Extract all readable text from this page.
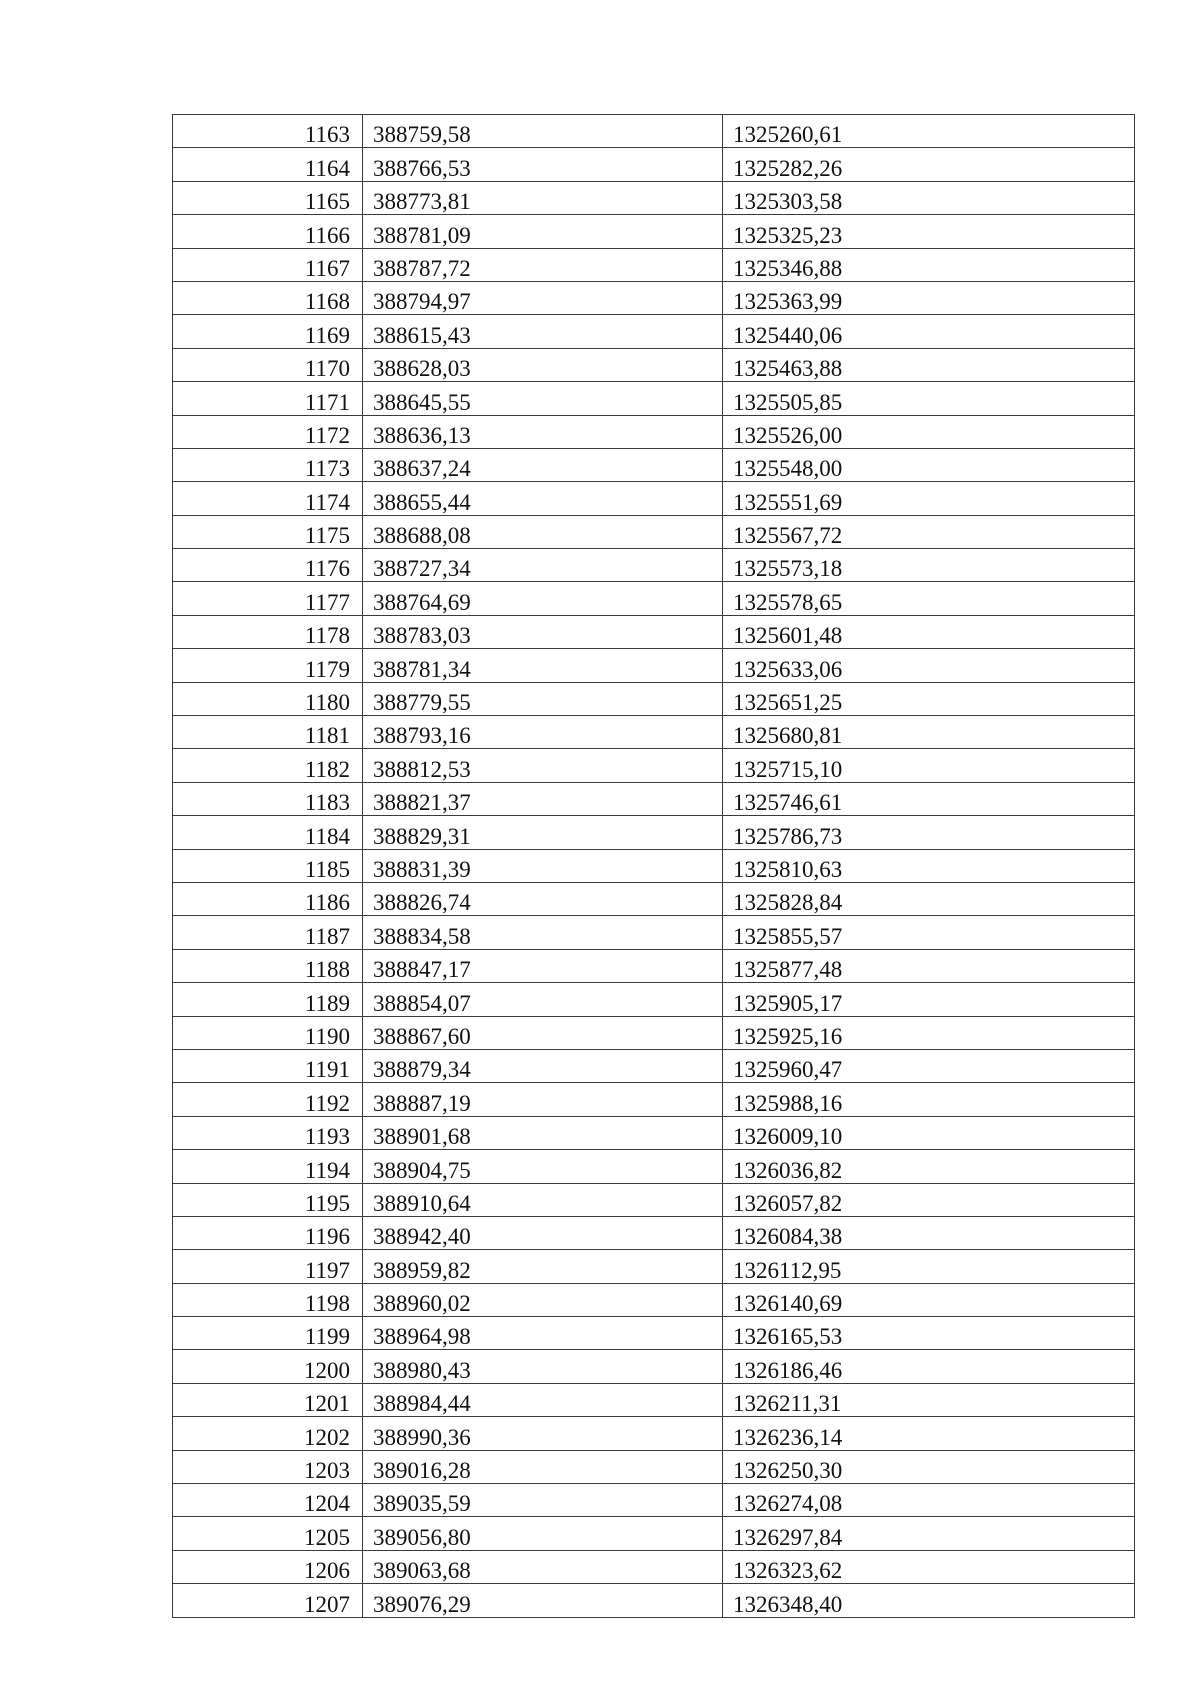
1163	388759,58	1325260,61
1164	388766,53	1325282,26
1165	388773,81	1325303,58
1166	388781,09	1325325,23
1167	388787,72	1325346,88
1168	388794,97	1325363,99
1169	388615,43	1325440,06
1170	388628,03	1325463,88
1171	388645,55	1325505,85
1172	388636,13	1325526,00
1173	388637,24	1325548,00
1174	388655,44	1325551,69
1175	388688,08	1325567,72
1176	388727,34	1325573,18
1177	388764,69	1325578,65
1178	388783,03	1325601,48
1179	388781,34	1325633,06
1180	388779,55	1325651,25
1181	388793,16	1325680,81
1182	388812,53	1325715,10
1183	388821,37	1325746,61
1184	388829,31	1325786,73
1185	388831,39	1325810,63
1186	388826,74	1325828,84
1187	388834,58	1325855,57
1188	388847,17	1325877,48
1189	388854,07	1325905,17
1190	388867,60	1325925,16
1191	388879,34	1325960,47
1192	388887,19	1325988,16
1193	388901,68	1326009,10
1194	388904,75	1326036,82
1195	388910,64	1326057,82
1196	388942,40	1326084,38
1197	388959,82	1326112,95
1198	388960,02	1326140,69
1199	388964,98	1326165,53
1200	388980,43	1326186,46
1201	388984,44	1326211,31
1202	388990,36	1326236,14
1203	389016,28	1326250,30
1204	389035,59	1326274,08
1205	389056,80	1326297,84
1206	389063,68	1326323,62
1207	389076,29	1326348,40
